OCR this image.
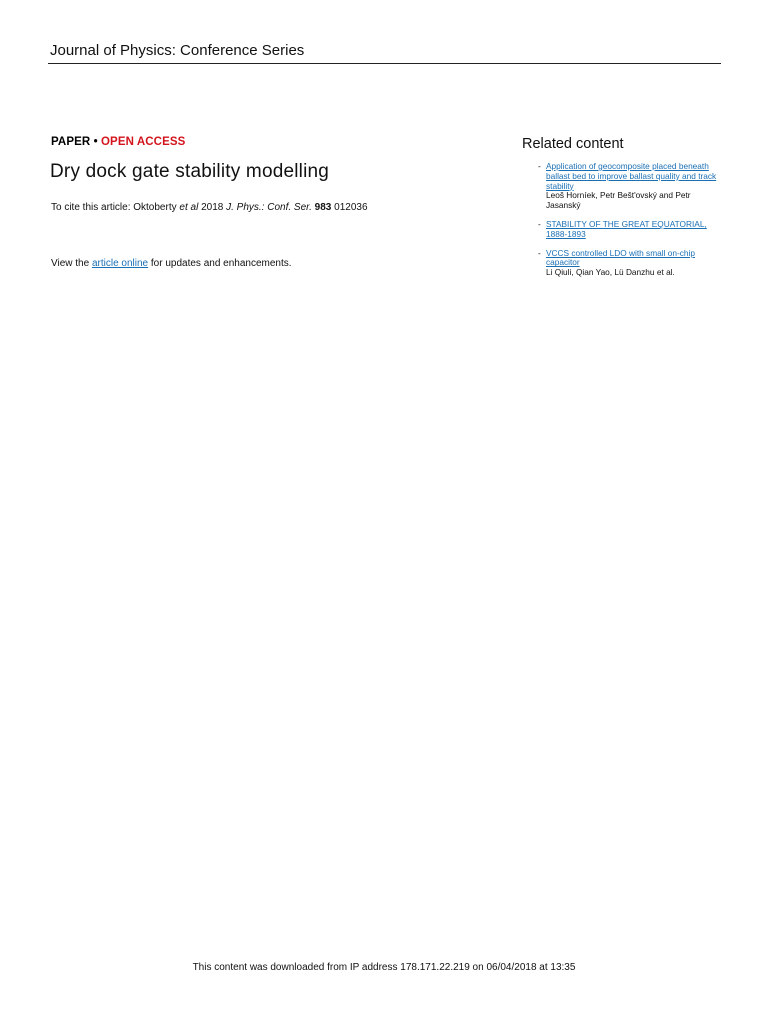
Journal of Physics: Conference Series
PAPER • OPEN ACCESS
Dry dock gate stability modelling
To cite this article: Oktoberty et al 2018 J. Phys.: Conf. Ser. 983 012036
View the article online for updates and enhancements.
Related content
- Application of geocomposite placed beneath ballast bed to improve ballast quality and track stability
Leoš Horníek, Petr Bešt'ovský and Petr Jasanský
- STABILITY OF THE GREAT EQUATORIAL, 1888-1893
- VCCS controlled LDO with small on-chip capacitor
Li Qiuli, Qian Yao, Lü Danzhu et al.
This content was downloaded from IP address 178.171.22.219 on 06/04/2018 at 13:35
